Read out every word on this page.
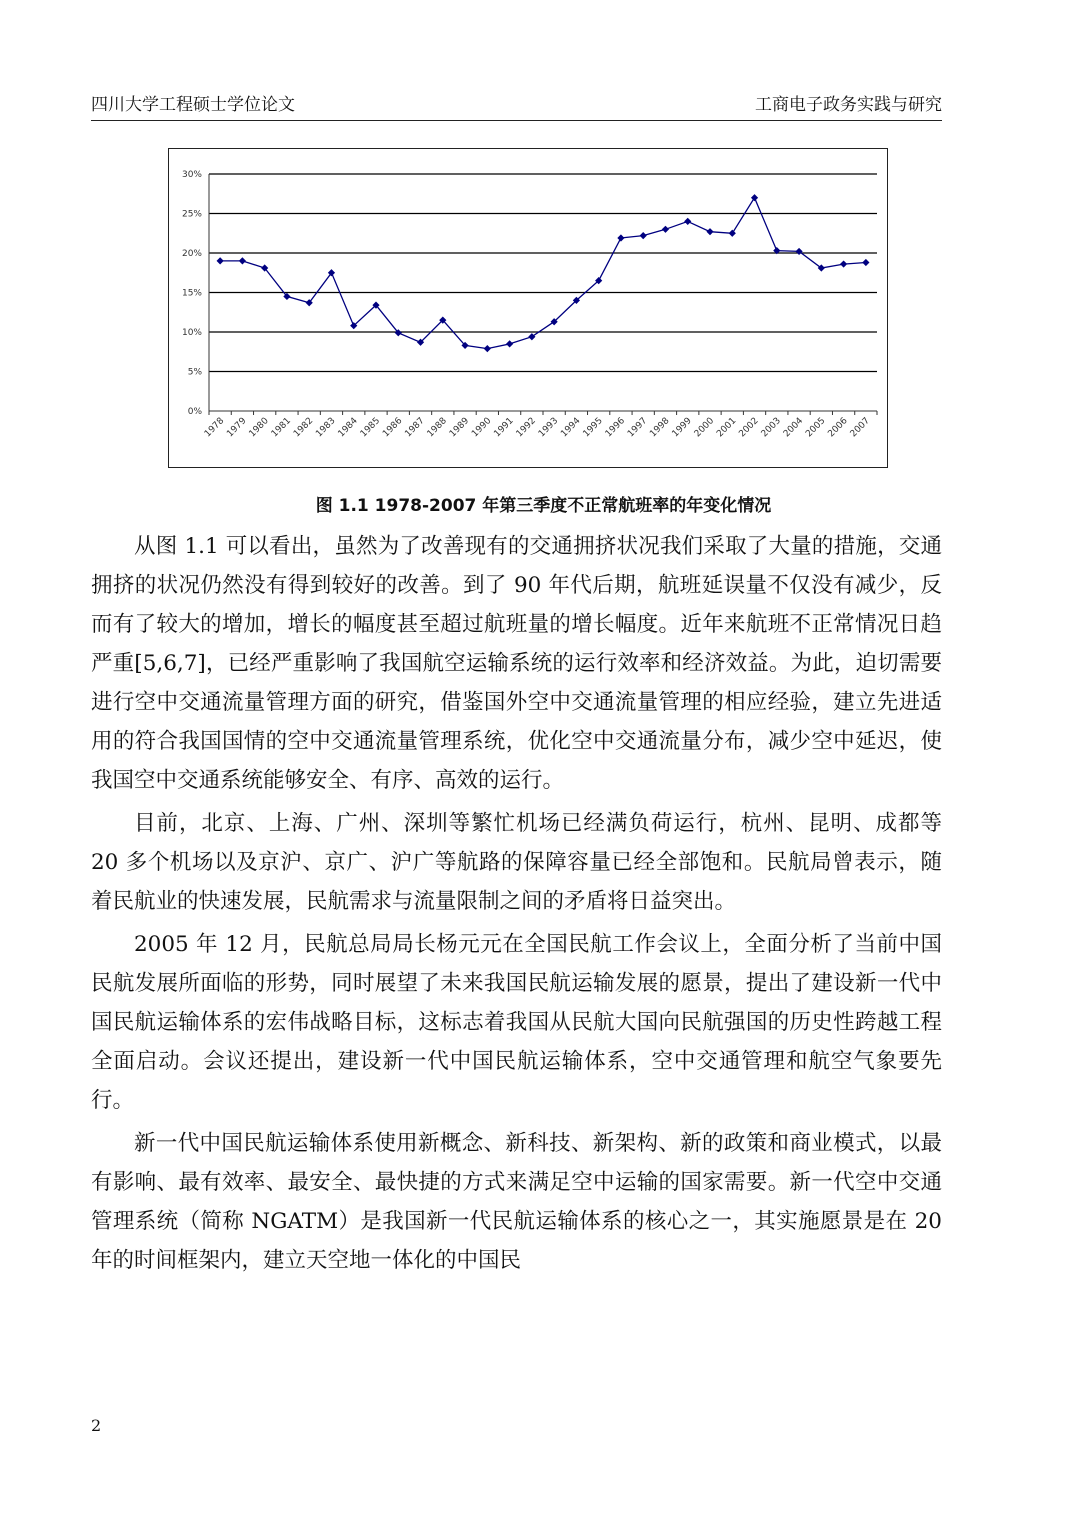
四川大学工程硕士学位论文	工商电子政务实践与研究
0%
5%
10%
15%
20%
25%
30%
1978
1979
1980
1981
1982
1983
1984
1985
1986
1987
1988
1989
1990
1991
1992
1993
1994
1995
1996
1997
1998
1999
2000
2001
2002
2003
2004
2005
2006
2007
图 1.1 1978-2007 年第三季度不正常航班率的年变化情况

从图 1.1 可以看出，虽然为了改善现有的交通拥挤状况我们采取了大量的措施，交通拥挤的状况仍然没有得到较好的改善。到了 90 年代后期，航班延误量不仅没有减少，反而有了较大的增加，增长的幅度甚至超过航班量的增长幅度。近年来航班不正常情况日趋严重[5,6,7]，已经严重影响了我国航空运输系统的运行效率和经济效益。为此，迫切需要进行空中交通流量管理方面的研究，借鉴国外空中交通流量管理的相应经验，建立先进适用的符合我国国情的空中交通流量管理系统，优化空中交通流量分布，减少空中延迟，使我国空中交通系统能够安全、有序、高效的运行。

目前，北京、上海、广州、深圳等繁忙机场已经满负荷运行，杭州、昆明、成都等 20 多个机场以及京沪、京广、沪广等航路的保障容量已经全部饱和。民航局曾表示，随着民航业的快速发展，民航需求与流量限制之间的矛盾将日益突出。

2005 年 12 月，民航总局局长杨元元在全国民航工作会议上，全面分析了当前中国民航发展所面临的形势，同时展望了未来我国民航运输发展的愿景，提出了建设新一代中国民航运输体系的宏伟战略目标，这标志着我国从民航大国向民航强国的历史性跨越工程全面启动。会议还提出，建设新一代中国民航运输体系，空中交通管理和航空气象要先行。

新一代中国民航运输体系使用新概念、新科技、新架构、新的政策和商业模式，以最有影响、最有效率、最安全、最快捷的方式来满足空中运输的国家需要。新一代空中交通管理系统（简称 NGATM）是我国新一代民航运输体系的核心之一，其实施愿景是在 20 年的时间框架内，建立天空地一体化的中国民

2
